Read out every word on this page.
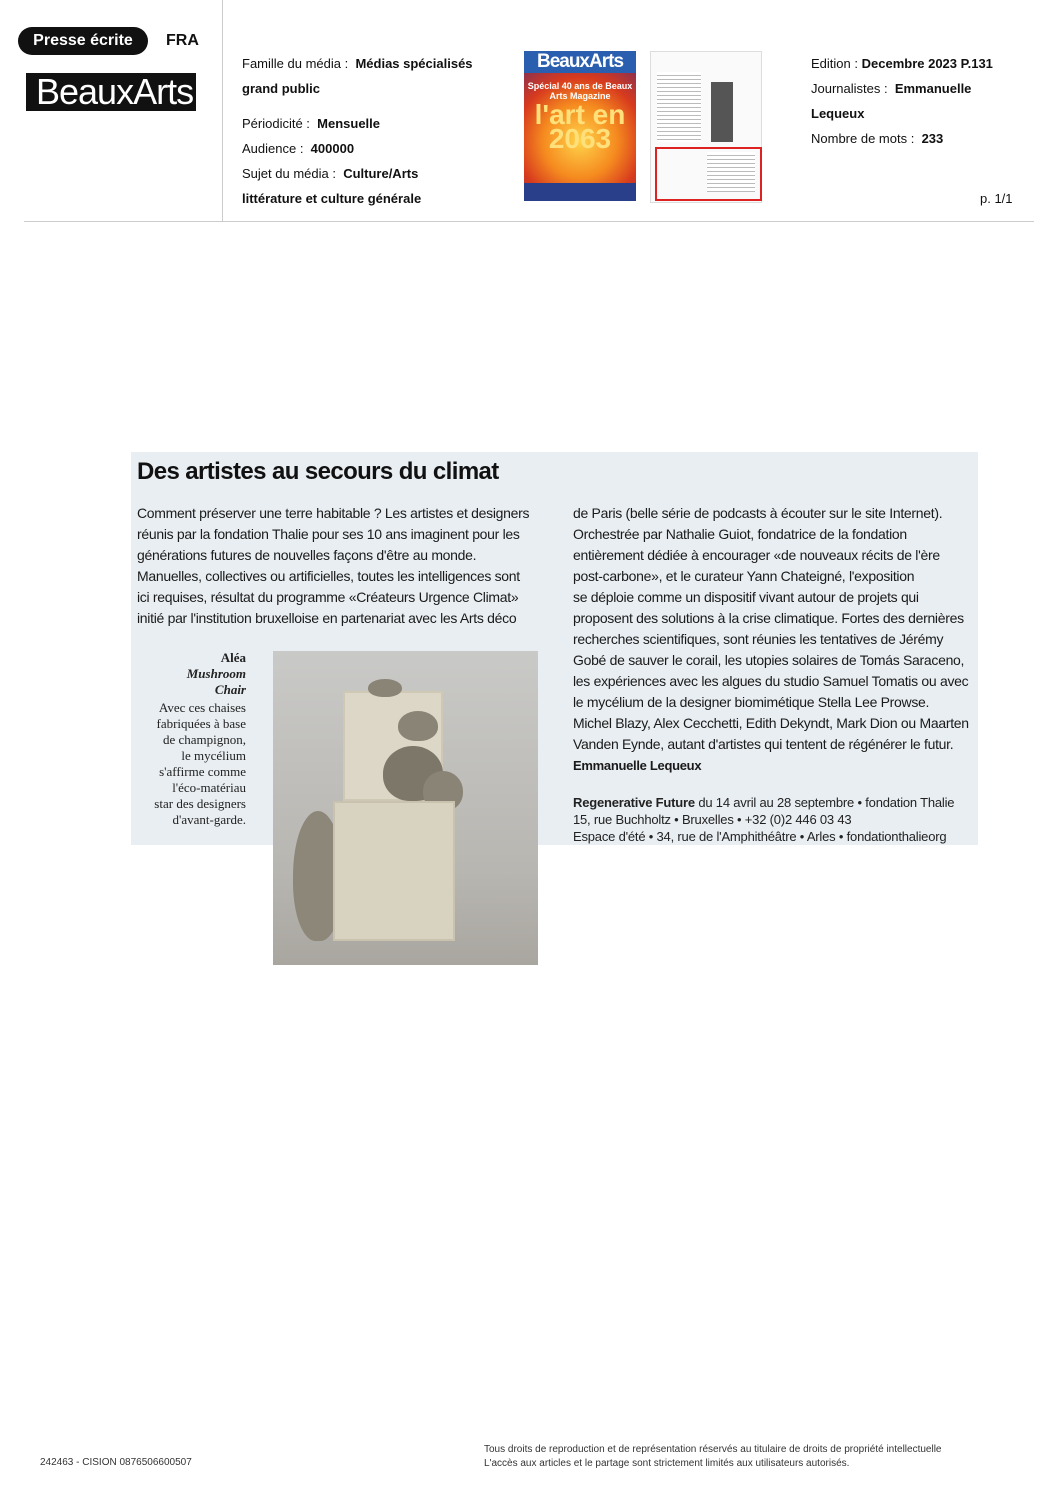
Presse écrite	FRA
BeauxArts
Famille du média : Médias spécialisés
grand public
Périodicité : Mensuelle
Audience : 400000
Sujet du média : Culture/Arts
littérature et culture générale
BeauxArts
Spécial 40 ans de Beaux Arts Magazine
l'art en 2063
Edition : Decembre 2023 P.131
Journalistes : Emmanuelle
Lequeux
Nombre de mots : 233
p. 1/1
Des artistes au secours du climat
Comment préserver une terre habitable ? Les artistes et designers
réunis par la fondation Thalie pour ses 10 ans imaginent pour les
générations futures de nouvelles façons d'être au monde.
Manuelles, collectives ou artificielles, toutes les intelligences sont
ici requises, résultat du programme «Créateurs Urgence Climat»
initié par l'institution bruxelloise en partenariat avec les Arts déco
Aléa
Mushroom
Chair
Avec ces chaises
fabriquées à base
de champignon,
le mycélium
s'affirme comme
l'éco-matériau
star des designers
d'avant-garde.
de Paris (belle série de podcasts à écouter sur le site Internet).
Orchestrée par Nathalie Guiot, fondatrice de la fondation
entièrement dédiée à encourager «de nouveaux récits de l'ère
post-carbone», et le curateur Yann Chateigné, l'exposition
se déploie comme un dispositif vivant autour de projets qui
proposent des solutions à la crise climatique. Fortes des dernières
recherches scientifiques, sont réunies les tentatives de Jérémy
Gobé de sauver le corail, les utopies solaires de Tomás Saraceno,
les expériences avec les algues du studio Samuel Tomatis ou avec
le mycélium de la designer biomimétique Stella Lee Prowse.
Michel Blazy, Alex Cecchetti, Edith Dekyndt, Mark Dion ou Maarten
Vanden Eynde, autant d'artistes qui tentent de régénérer le futur.
Emmanuelle Lequeux
Regenerative Future du 14 avril au 28 septembre • fondation Thalie
15, rue Buchholtz • Bruxelles • +32 (0)2 446 03 43
Espace d'été • 34, rue de l'Amphithéâtre • Arles • fondationthalieorg
242463 - CISION 0876506600507
Tous droits de reproduction et de représentation réservés au titulaire de droits de propriété intellectuelle
L'accès aux articles et le partage sont strictement limités aux utilisateurs autorisés.
